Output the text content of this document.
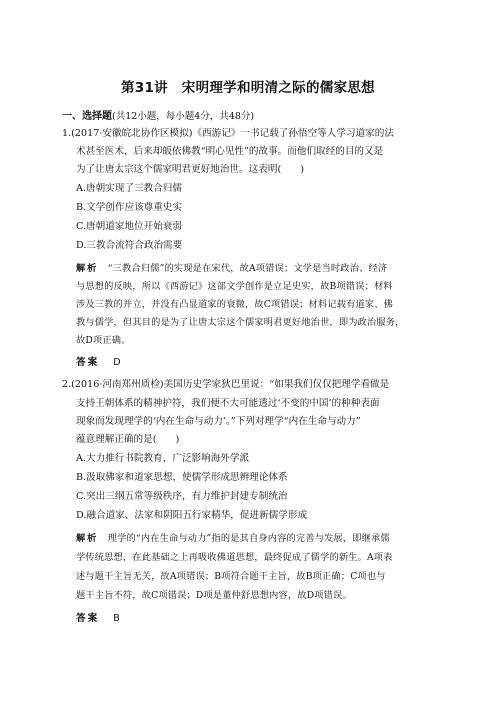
第31讲　宋明理学和明清之际的儒家思想
一、选择题(共12小题，每小题4分，共48分)
1.(2017·安徽皖北协作区模拟)《西游记》一书记载了孙悟空等人学习道家的法
术甚至医术，后来却皈依佛教“明心见性”的故事。而他们取经的目的又是
为了让唐太宗这个儒家明君更好地治世。这表明(　　)
A.唐朝实现了三教合归儒
B.文学创作应该尊重史实
C.唐朝道家地位开始衰弱
D.三教合流符合政治需要
解析　 “三教合归儒”的实现是在宋代，故A项错误；文学是当时政治、经济
与思想的反映，所以《西游记》这部文学创作是立足史实，故B项错误；材料
涉及三教的并立，并没有凸显道家的衰微，故C项错误；材料记载有道家、佛
教与儒学，但其目的是为了让唐太宗这个儒家明君更好地治世，即为政治服务，
故D项正确。
答案 D
2.(2016·河南郑州质检)美国历史学家狄巴里说：“如果我们仅仅把理学看做是
支持王朝体系的精神护符，我们便不大可能透过‘不变的中国’的种种表面
现象而发现理学的‘内在生命与动力’。”下列对理学“内在生命与动力”
蕴意理解正确的是(　　)
A.大力推行书院教育，广泛影响海外学派
B.汲取佛家和道家思想，使儒学形成思辨理论体系
C.突出三纲五常等级秩序，有力维护封建专制统治
D.融合道家、法家和阴阳五行家精华，促进新儒学形成
解析　 理学的“内在生命与动力”指的是其自身内容的完善与发展，即继承儒
学传统思想，在此基础之上再吸收佛道思想，最终促成了儒学的新生。A项表
述与题干主旨无关，故A项错误；B项符合题干主旨，故B项正确；C项也与
题干主旨不符，故C项错误；D项是董仲舒思想内容，故D项错误。
答案 B
